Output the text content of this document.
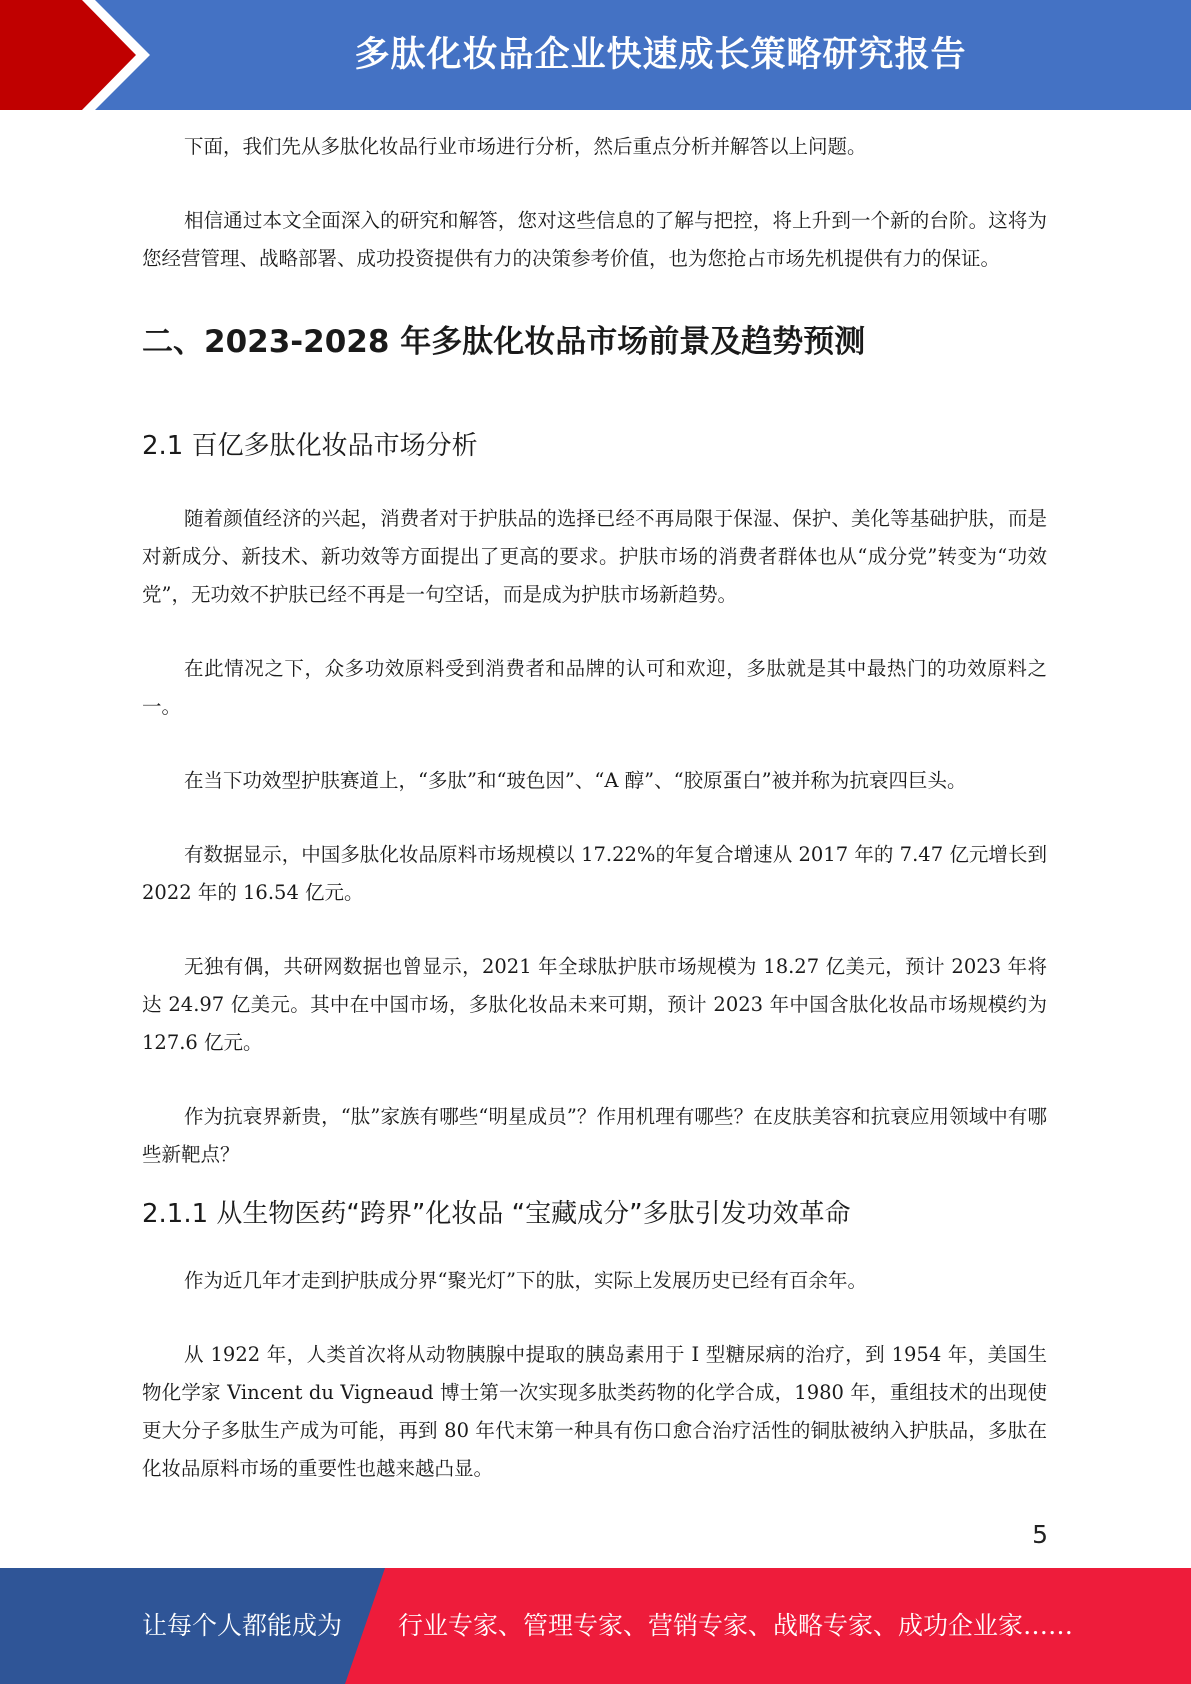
多肽化妆品企业快速成长策略研究报告

下面，我们先从多肽化妆品行业市场进行分析，然后重点分析并解答以上问题。

相信通过本文全面深入的研究和解答，您对这些信息的了解与把控，将上升到一个新的台阶。这将为您经营管理、战略部署、成功投资提供有力的决策参考价值，也为您抢占市场先机提供有力的保证。

二、2023-2028 年多肽化妆品市场前景及趋势预测
2.1 百亿多肽化妆品市场分析

随着颜值经济的兴起，消费者对于护肤品的选择已经不再局限于保湿、保护、美化等基础护肤，而是对新成分、新技术、新功效等方面提出了更高的要求。护肤市场的消费者群体也从“成分党”转变为“功效党”，无功效不护肤已经不再是一句空话，而是成为护肤市场新趋势。

在此情况之下，众多功效原料受到消费者和品牌的认可和欢迎，多肽就是其中最热门的功效原料之一。

在当下功效型护肤赛道上，“多肽”和“玻色因”、“A 醇”、“胶原蛋白”被并称为抗衰四巨头。

有数据显示，中国多肽化妆品原料市场规模以 17.22%的年复合增速从 2017 年的 7.47 亿元增长到 2022 年的 16.54 亿元。

无独有偶，共研网数据也曾显示，2021 年全球肽护肤市场规模为 18.27 亿美元，预计 2023 年将达 24.97 亿美元。其中在中国市场，多肽化妆品未来可期，预计 2023 年中国含肽化妆品市场规模约为 127.6 亿元。

作为抗衰界新贵，“肽”家族有哪些“明星成员”？作用机理有哪些？在皮肤美容和抗衰应用领域中有哪些新靶点？

2.1.1 从生物医药“跨界”化妆品 “宝藏成分”多肽引发功效革命

作为近几年才走到护肤成分界“聚光灯”下的肽，实际上发展历史已经有百余年。

从 1922 年，人类首次将从动物胰腺中提取的胰岛素用于 I 型糖尿病的治疗，到 1954 年，美国生物化学家 Vincent du Vigneaud 博士第一次实现多肽类药物的化学合成，1980 年，重组技术的出现使更大分子多肽生产成为可能，再到 80 年代末第一种具有伤口愈合治疗活性的铜肽被纳入护肤品，多肽在化妆品原料市场的重要性也越来越凸显。

5
让每个人都能成为 行业专家、管理专家、营销专家、战略专家、成功企业家……
